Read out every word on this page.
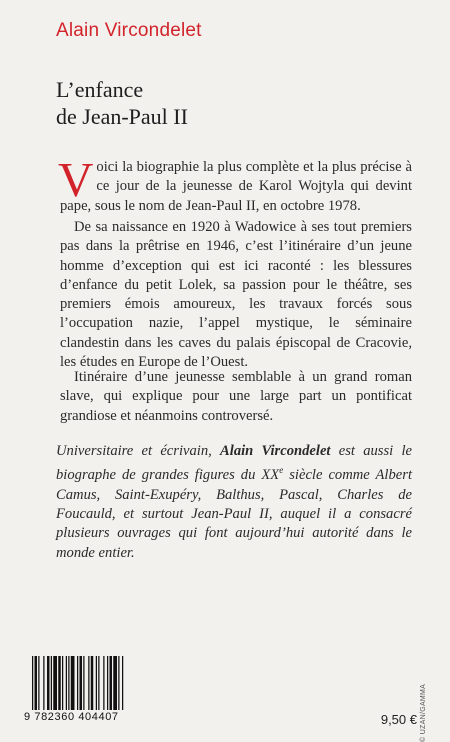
Alain Vircondelet
L’enfance
de Jean-Paul II
Voici la biographie la plus complète et la plus précise à ce jour de la jeunesse de Karol Wojtyla qui devint pape, sous le nom de Jean-Paul II, en octobre 1978.
De sa naissance en 1920 à Wadowice à ses tout premiers pas dans la prêtrise en 1946, c’est l’itinéraire d’un jeune homme d’exception qui est ici raconté : les blessures d’enfance du petit Lolek, sa passion pour le théâtre, ses premiers émois amoureux, les travaux forcés sous l’occupation nazie, l’appel mystique, le séminaire clandestin dans les caves du palais épiscopal de Cracovie, les études en Europe de l’Ouest.
Itinéraire d’une jeunesse semblable à un grand roman slave, qui explique pour une large part un pontificat grandiose et néanmoins controversé.
Universitaire et écrivain, Alain Vircondelet est aussi le biographe de grandes figures du XXe siècle comme Albert Camus, Saint-Exupéry, Balthus, Pascal, Charles de Foucauld, et surtout Jean-Paul II, auquel il a consacré plusieurs ouvrages qui font aujourd’hui autorité dans le monde entier.
© UZAN/GAMMA
9 782360 404407	9,50 €
